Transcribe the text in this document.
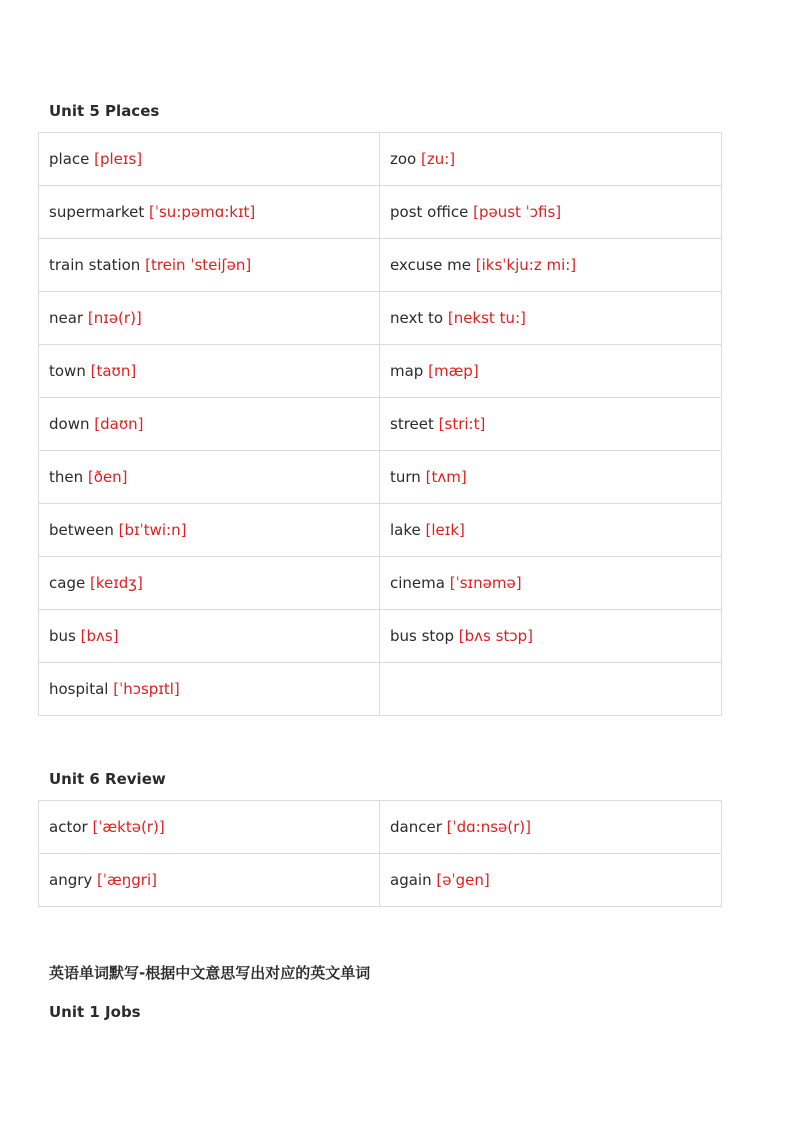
Unit 5 Places
place [pleɪs]	zoo [zu:]
supermarket [ˈsu:pəmɑ:kɪt]	post office [pəust ˈɔfis]
train station [trein ˈsteiʃən]	excuse me [iksˈkju:z mi:]
near [nɪə(r)]	next to [nekst tu:]
town [taʊn]	map [mæp]
down [daʊn]	street [stri:t]
then [ðen]	turn [tʌm]
between [bɪˈtwi:n]	lake [leɪk]
cage [keɪdʒ]	cinema [ˈsɪnəmə]
bus [bʌs]	bus stop [bʌs stɔp]
hospital [ˈhɔspɪtl]	
Unit 6 Review
actor [ˈæktə(r)]	dancer [ˈdɑ:nsə(r)]
angry [ˈæŋgri]	again [əˈgen]
英语单词默写-根据中文意思写出对应的英文单词
Unit 1 Jobs
